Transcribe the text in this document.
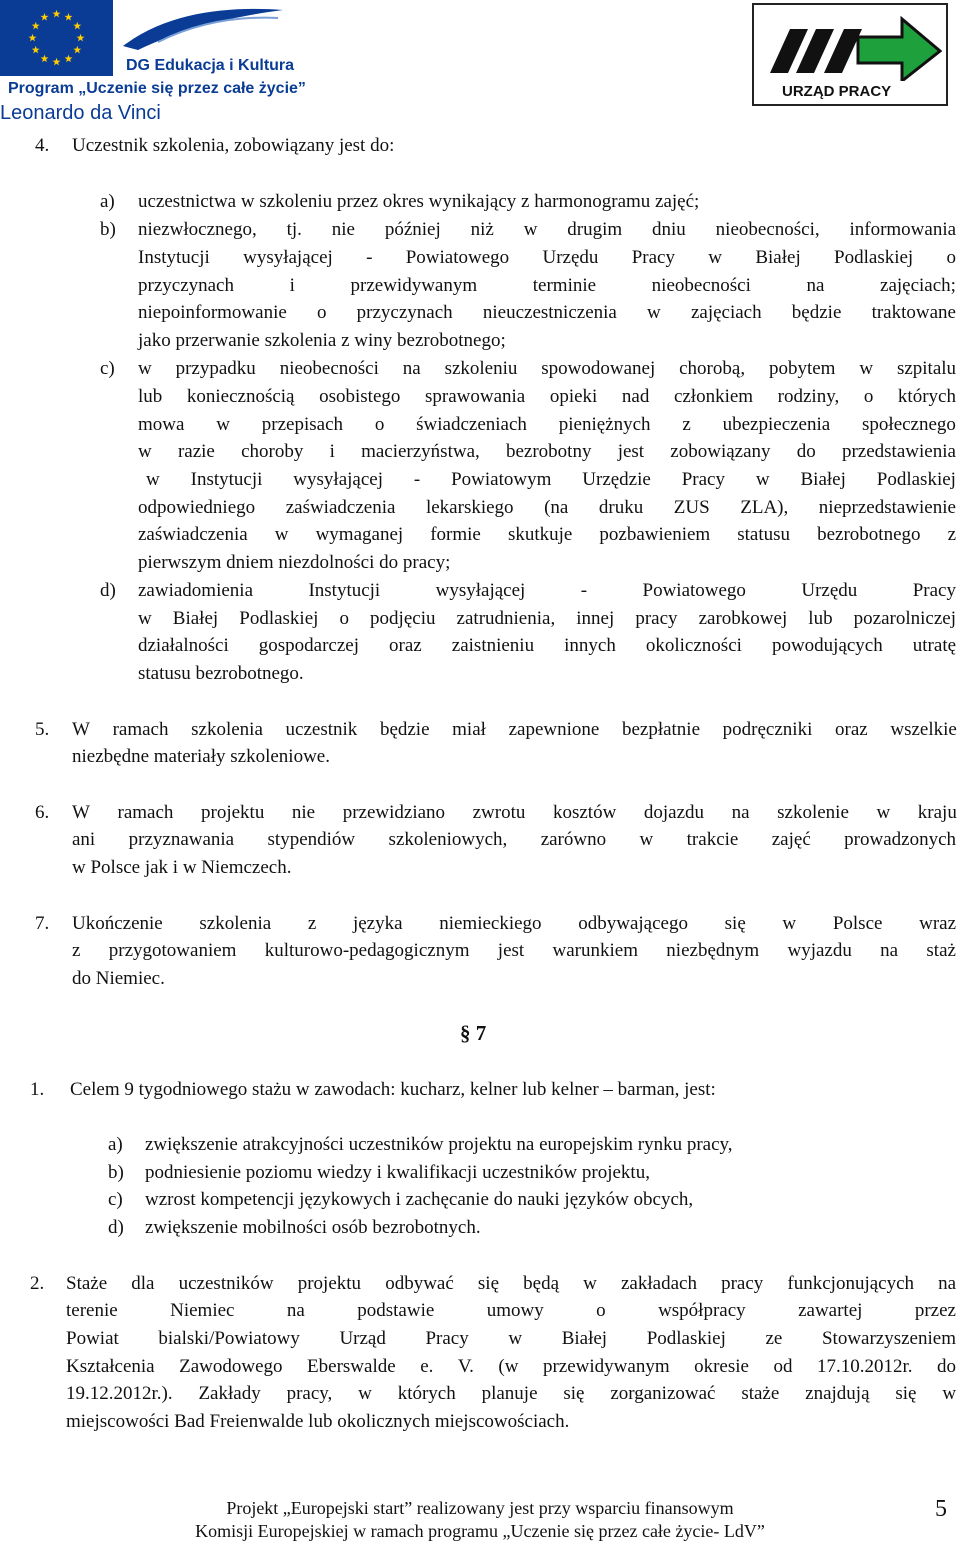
DG Edukacja i Kultura
Program „Uczenie się przez całe życie”
Leonardo da Vinci
URZĄD PRACY
4. Uczestnik szkolenia, zobowiązany jest do:
a) uczestnictwa w szkoleniu przez okres wynikający z harmonogramu zajęć;
b) niezwłocznego, tj. nie później niż w drugim dniu nieobecności, informowania
Instytucji wysyłającej - Powiatowego Urzędu Pracy w Białej Podlaskiej o
przyczynach	i	przewidywanym	terminie	nieobecności	na	zajęciach;
niepoinformowanie o przyczynach nieuczestniczenia w zajęciach będzie traktowane
jako przerwanie szkolenia z winy bezrobotnego;
c) w przypadku nieobecności na szkoleniu spowodowanej chorobą, pobytem w szpitalu
lub koniecznością osobistego sprawowania opieki nad członkiem rodziny, o których
mowa w przepisach o świadczeniach pieniężnych z ubezpieczenia społecznego
w razie choroby i macierzyństwa, bezrobotny jest zobowiązany do przedstawienia
w Instytucji wysyłającej - Powiatowym Urzędzie Pracy w Białej Podlaskiej
odpowiedniego zaświadczenia lekarskiego (na druku ZUS ZLA), nieprzedstawienie
zaświadczenia w wymaganej formie skutkuje pozbawieniem statusu bezrobotnego z
pierwszym dniem niezdolności do pracy;
d) zawiadomienia	Instytucji	wysyłającej	-	Powiatowego	Urzędu	Pracy
w Białej Podlaskiej o podjęciu zatrudnienia, innej pracy zarobkowej lub pozarolniczej
działalności gospodarczej oraz zaistnieniu innych okoliczności powodujących utratę
statusu bezrobotnego.
5. W ramach szkolenia uczestnik będzie miał zapewnione bezpłatnie podręczniki oraz wszelkie
niezbędne materiały szkoleniowe.
6. W ramach projektu nie przewidziano zwrotu kosztów dojazdu na szkolenie w kraju
ani przyznawania stypendiów szkoleniowych, zarówno w trakcie zajęć prowadzonych
w Polsce jak i w Niemczech.
7. Ukończenie szkolenia z języka niemieckiego odbywającego się w Polsce wraz
z przygotowaniem kulturowo-pedagogicznym jest warunkiem niezbędnym wyjazdu na staż
do Niemiec.
§ 7
1. Celem 9 tygodniowego stażu w zawodach: kucharz, kelner lub kelner – barman, jest:
a) zwiększenie atrakcyjności uczestników projektu na europejskim rynku pracy,
b) podniesienie poziomu wiedzy i kwalifikacji uczestników projektu,
c) wzrost kompetencji językowych i zachęcanie do nauki języków obcych,
d) zwiększenie mobilności osób bezrobotnych.
2. Staże dla uczestników projektu odbywać się będą w zakładach pracy funkcjonujących na
terenie	Niemiec	na	podstawie	umowy	o	współpracy	zawartej	przez
Powiat bialski/Powiatowy Urząd Pracy w Białej Podlaskiej ze Stowarzyszeniem
Kształcenia Zawodowego Eberswalde e. V. (w przewidywanym okresie od 17.10.2012r. do
19.12.2012r.). Zakłady pracy, w których planuje się zorganizować staże znajdują się w
miejscowości Bad Freienwalde lub okolicznych miejscowościach.
Projekt „Europejski start” realizowany jest przy wsparciu finansowym
Komisji Europejskiej w ramach programu „Uczenie się przez całe życie- LdV”
5
